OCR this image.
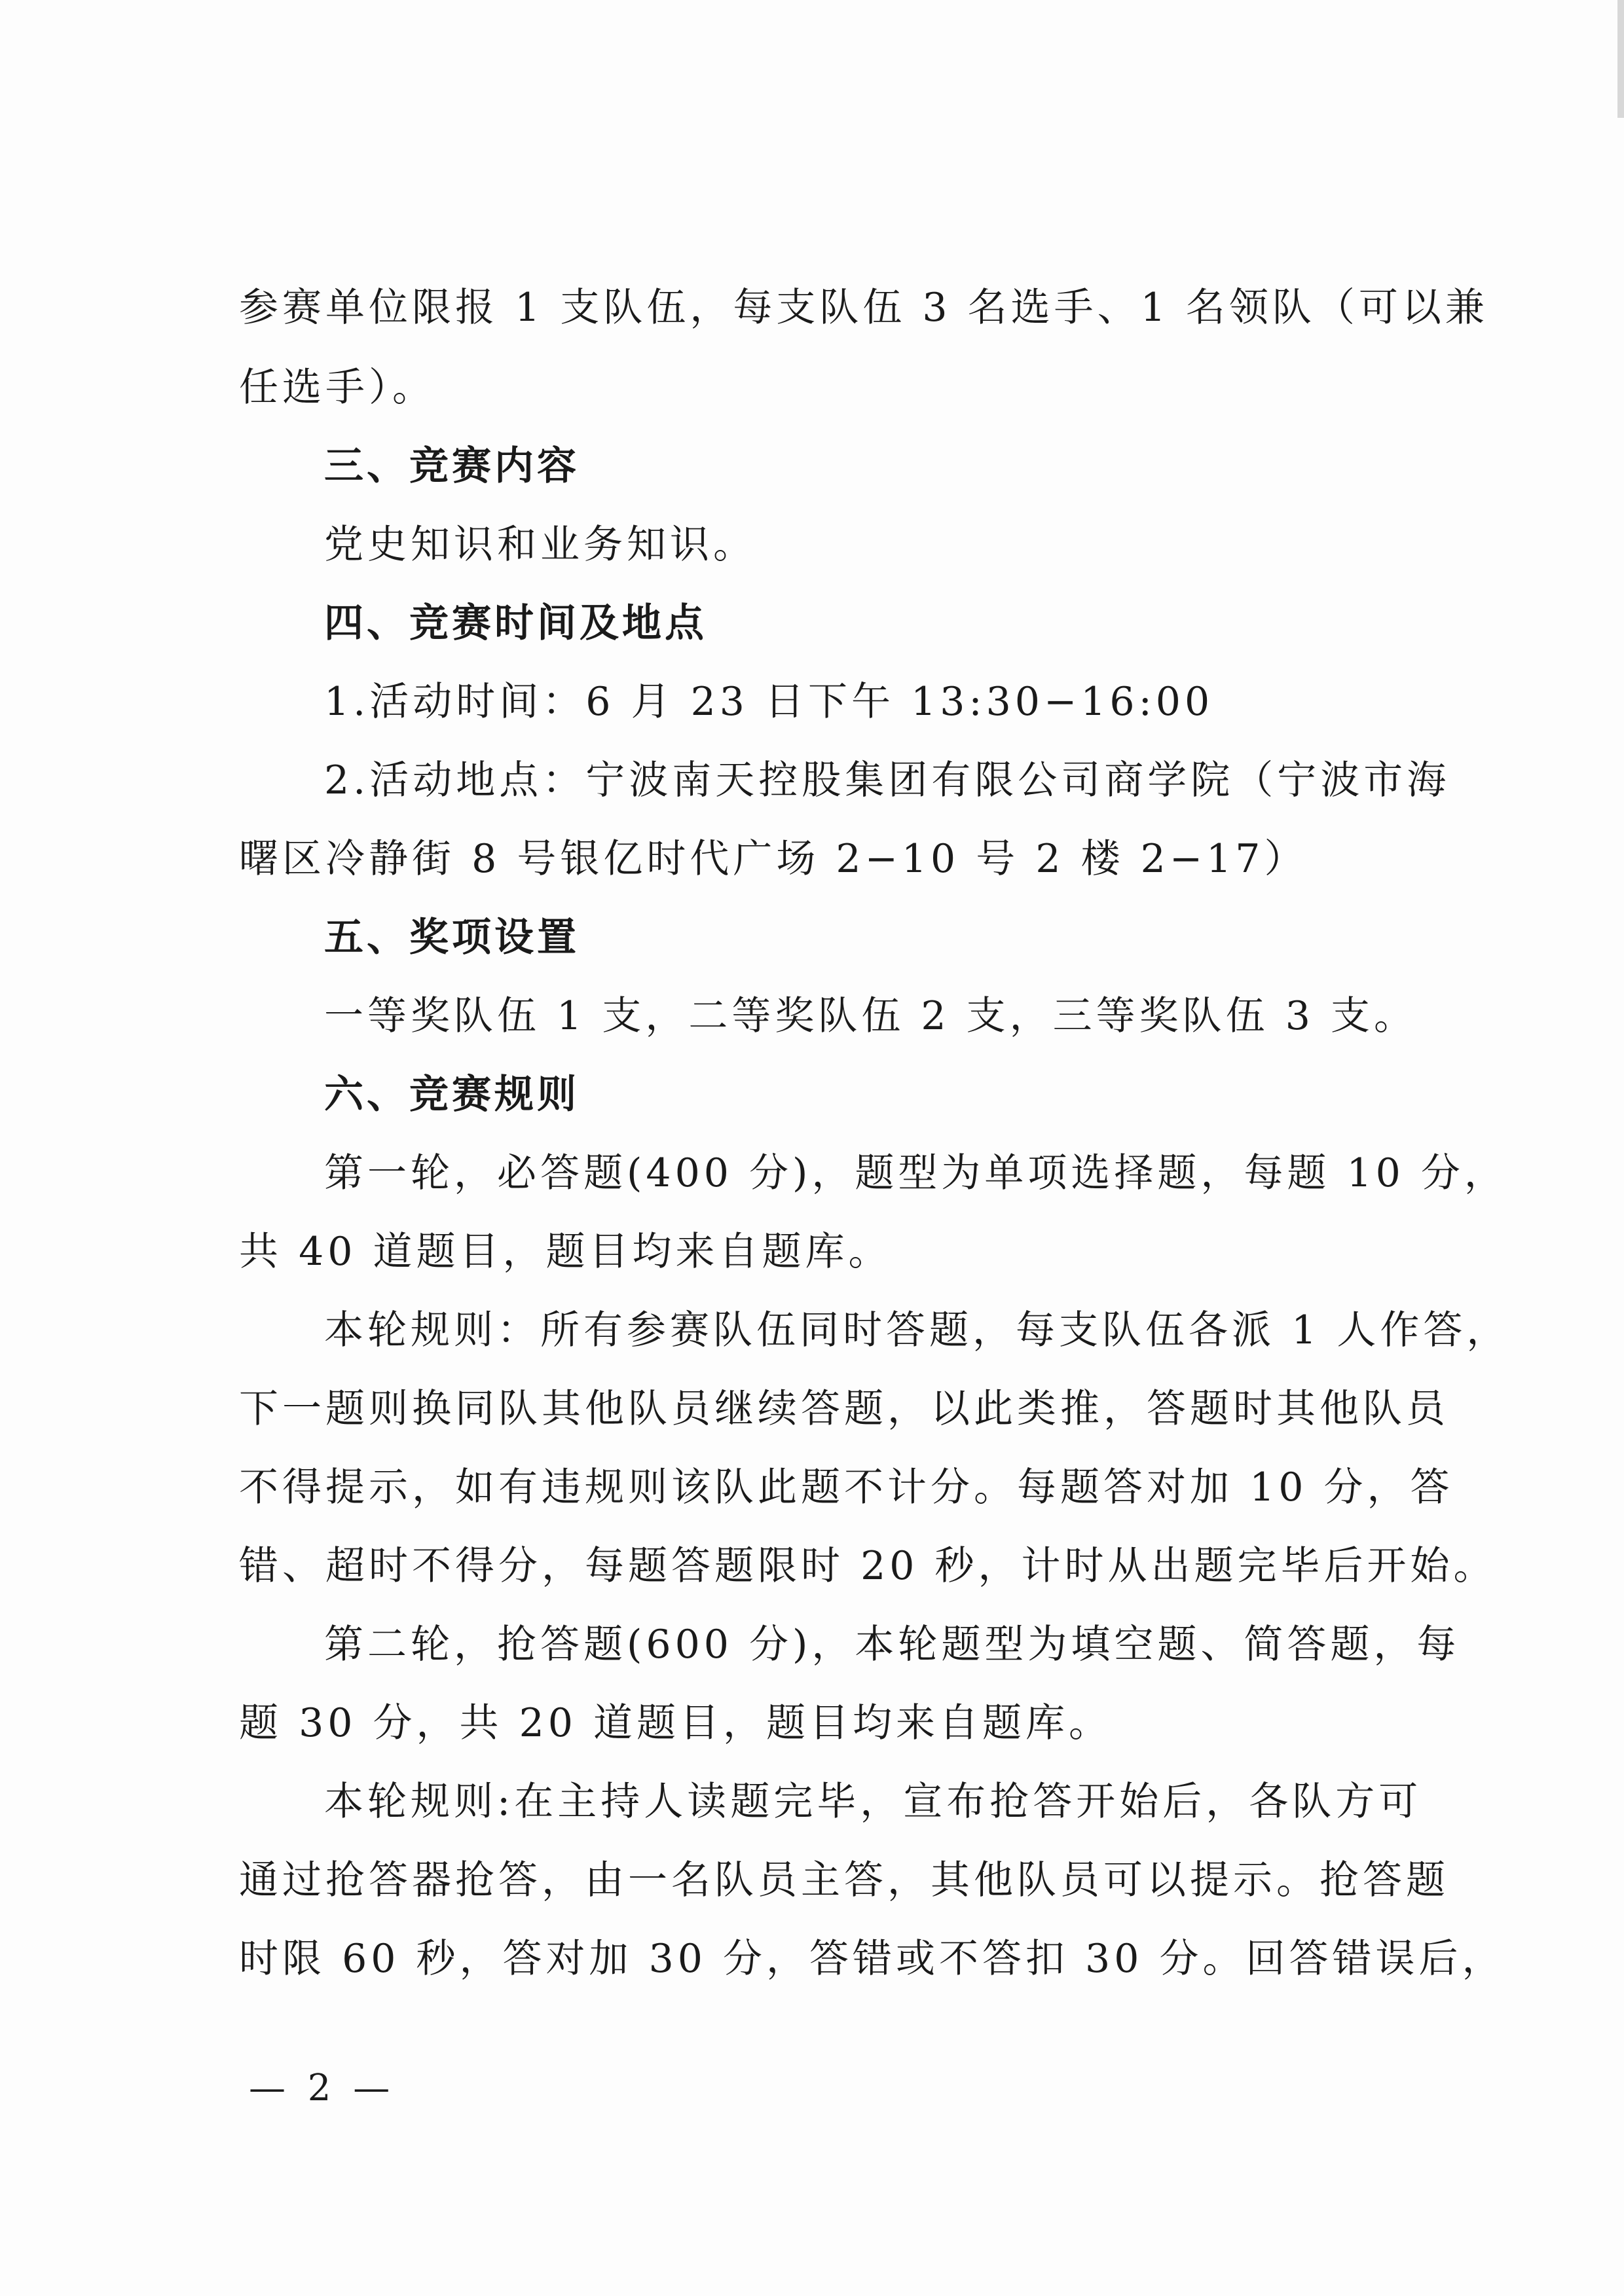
参赛单位限报 1 支队伍，每支队伍 3 名选手、1 名领队（可以兼
任选手）。
三、竞赛内容
党史知识和业务知识。
四、竞赛时间及地点
1.活动时间：6 月 23 日下午 13:30−16:00
2.活动地点：宁波南天控股集团有限公司商学院（宁波市海
曙区冷静街 8 号银亿时代广场 2−10 号 2 楼 2−17）
五、奖项设置
一等奖队伍 1 支，二等奖队伍 2 支，三等奖队伍 3 支。
六、竞赛规则
第一轮，必答题(400 分)，题型为单项选择题，每题 10 分，
共 40 道题目，题目均来自题库。
本轮规则：所有参赛队伍同时答题，每支队伍各派 1 人作答，
下一题则换同队其他队员继续答题，以此类推，答题时其他队员
不得提示，如有违规则该队此题不计分。每题答对加 10 分，答
错、超时不得分，每题答题限时 20 秒，计时从出题完毕后开始。
第二轮，抢答题(600 分)，本轮题型为填空题、简答题，每
题 30 分，共 20 道题目，题目均来自题库。
本轮规则:在主持人读题完毕，宣布抢答开始后，各队方可
通过抢答器抢答，由一名队员主答，其他队员可以提示。抢答题
时限 60 秒，答对加 30 分，答错或不答扣 30 分。回答错误后，
— 2 —
